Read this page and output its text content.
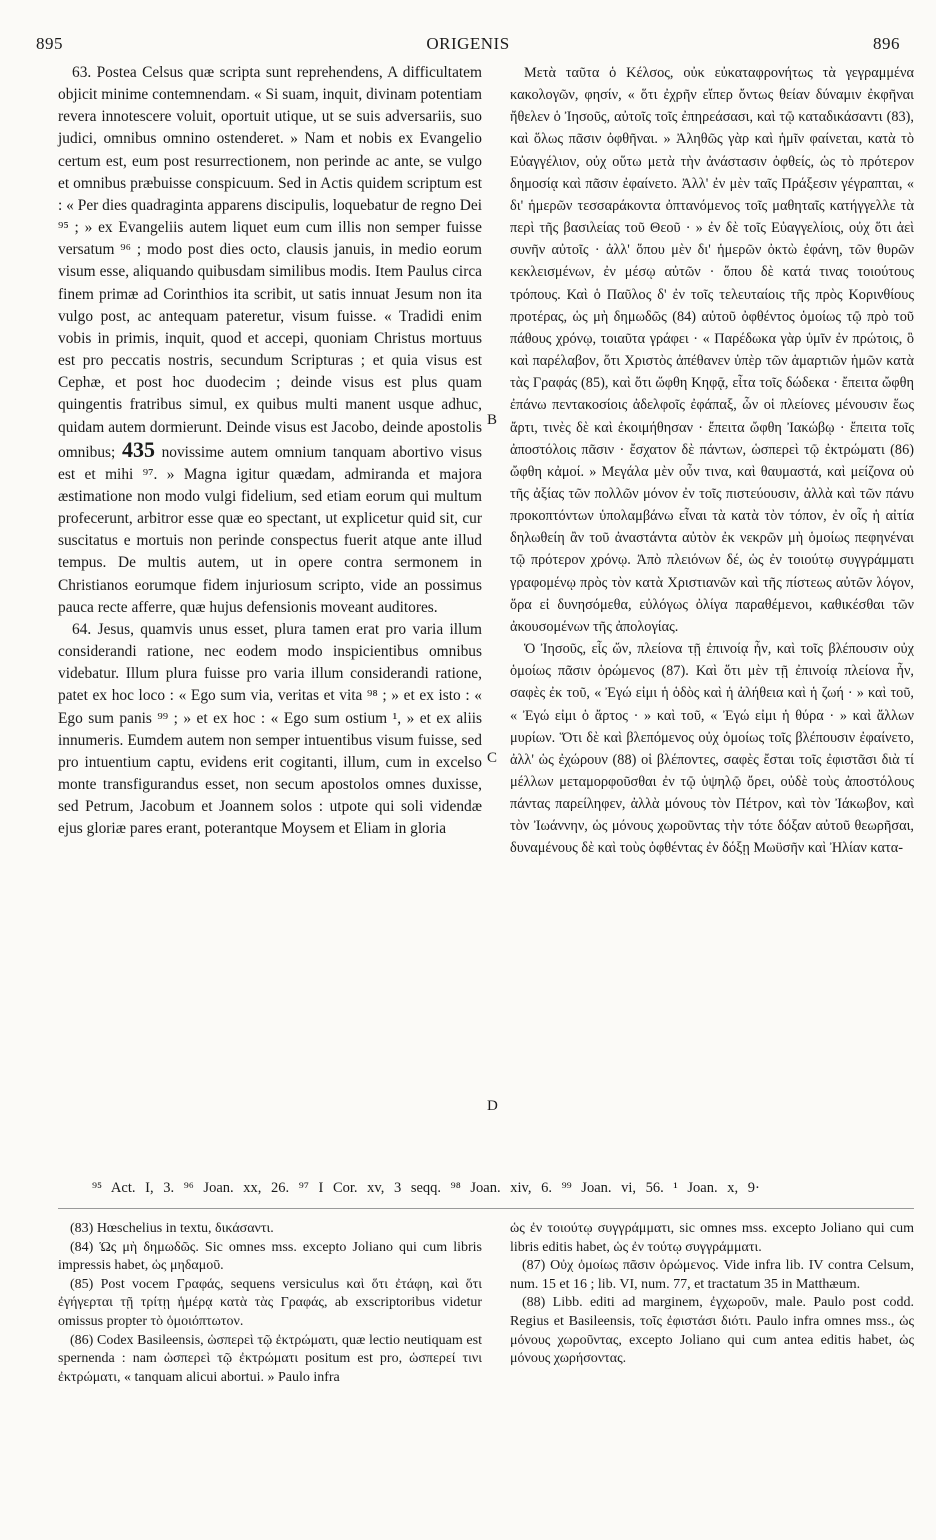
895	ORIGENIS	896

63. Postea Celsus quæ scripta sunt reprehendens, A difficultatem objicit minime contemnendam. « Si suam, inquit, divinam potentiam revera innotescere voluit, oportuit utique, ut se suis adversariis, suo judici, omnibus omnino ostenderet. » Nam et nobis ex Evangelio certum est, eum post resurrectionem, non perinde ac ante, se vulgo et omnibus præbuisse conspicuum. Sed in Actis quidem scriptum est : « Per dies quadraginta apparens discipulis, loquebatur de regno Dei ⁹⁵ ; » ex Evangeliis autem liquet eum cum illis non semper fuisse versatum ⁹⁶ ; modo post dies octo, clausis januis, in medio eorum visum esse, aliquando quibusdam similibus modis. Item Paulus circa finem primæ ad Corinthios ita scribit, ut satis innuat Jesum non ita vulgo post, ac antequam pateretur, visum fuisse. « Tradidi enim vobis in primis, inquit, quod et accepi, quoniam Christus mortuus est pro peccatis nostris, secundum Scripturas ; et quia visus est Cephæ, et post hoc duodecim ; deinde visus est plus quam quingentis fratribus simul, ex quibus multi manent usque adhuc, quidam autem dormierunt. Deinde visus est Jacobo, deinde apostolis omnibus; 435 novissime autem omnium tanquam abortivo visus est et mihi ⁹⁷. » Magna igitur quædam, admiranda et majora æstimatione non modo vulgi fidelium, sed etiam eorum qui multum profecerunt, arbitror esse quæ eo spectant, ut explicetur quid sit, cur suscitatus e mortuis non perinde conspectus fuerit atque ante illud tempus. De multis autem, ut in opere contra sermonem in Christianos eorumque fidem injuriosum scripto, vide an possimus pauca recte afferre, quæ hujus defensionis moveant auditores.

64. Jesus, quamvis unus esset, plura tamen erat pro varia illum considerandi ratione, nec eodem modo inspicientibus omnibus videbatur. Illum plura fuisse pro varia illum considerandi ratione, patet ex hoc loco : « Ego sum via, veritas et vita ⁹⁸ ; » et ex isto : « Ego sum panis ⁹⁹ ; » et ex hoc : « Ego sum ostium ¹, » et ex aliis innumeris. Eumdem autem non semper intuentibus visum fuisse, sed pro intuentium captu, evidens erit cogitanti, illum, cum in excelso monte transfigurandus esset, non secum apostolos omnes duxisse, sed Petrum, Jacobum et Joannem solos : utpote qui soli videndæ ejus gloriæ pares erant, poterantque Moysem et Eliam in gloria

B
C
D

Μετὰ ταῦτα ὁ Κέλσος, οὐκ εὐκαταφρονήτως τὰ γεγραμμένα κακολογῶν, φησίν, « ὅτι ἐχρῆν εἴπερ ὄντως θείαν δύναμιν ἐκφῆναι ἤθελεν ὁ Ἰησοῦς, αὐτοῖς τοῖς ἐπηρεάσασι, καὶ τῷ καταδικάσαντι (83), καὶ ὅλως πᾶσιν ὀφθῆναι. » Ἀληθῶς γὰρ καὶ ἡμῖν φαίνεται, κατὰ τὸ Εὐαγγέλιον, οὐχ οὕτω μετὰ τὴν ἀνάστασιν ὀφθείς, ὡς τὸ πρότερον δημοσίᾳ καὶ πᾶσιν ἐφαίνετο. Ἀλλ' ἐν μὲν ταῖς Πράξεσιν γέγραπται, « δι' ἡμερῶν τεσσαράκοντα ὀπτανόμενος τοῖς μαθηταῖς κατήγγελλε τὰ περὶ τῆς βασιλείας τοῦ Θεοῦ · » ἐν δὲ τοῖς Εὐαγγελίοις, οὐχ ὅτι ἀεὶ συνῆν αὐτοῖς · ἀλλ' ὅπου μὲν δι' ἡμερῶν ὀκτὼ ἐφάνη, τῶν θυρῶν κεκλεισμένων, ἐν μέσῳ αὐτῶν · ὅπου δὲ κατά τινας τοιούτους τρόπους. Καὶ ὁ Παῦλος δ' ἐν τοῖς τελευταίοις τῆς πρὸς Κορινθίους προτέρας, ὡς μὴ δημωδῶς (84) αὐτοῦ ὀφθέντος ὁμοίως τῷ πρὸ τοῦ πάθους χρόνῳ, τοιαῦτα γράφει · « Παρέδωκα γὰρ ὑμῖν ἐν πρώτοις, ὃ καὶ παρέλαβον, ὅτι Χριστὸς ἀπέθανεν ὑπὲρ τῶν ἁμαρτιῶν ἡμῶν κατὰ τὰς Γραφάς (85), καὶ ὅτι ὤφθη Κηφᾷ, εἶτα τοῖς δώδεκα · ἔπειτα ὤφθη ἐπάνω πεντακοσίοις ἀδελφοῖς ἐφάπαξ, ὧν οἱ πλείονες μένουσιν ἕως ἄρτι, τινὲς δὲ καὶ ἐκοιμήθησαν · ἔπειτα ὤφθη Ἰακώβῳ · ἔπειτα τοῖς ἀποστόλοις πᾶσιν · ἔσχατον δὲ πάντων, ὡσπερεὶ τῷ ἐκτρώματι (86) ὤφθη κἀμοί. » Μεγάλα μὲν οὖν τινα, καὶ θαυμαστά, καὶ μείζονα οὐ τῆς ἀξίας τῶν πολλῶν μόνον ἐν τοῖς πιστεύουσιν, ἀλλὰ καὶ τῶν πάνυ προκοπτόντων ὑπολαμβάνω εἶναι τὰ κατὰ τὸν τόπον, ἐν οἷς ἡ αἰτία δηλωθείη ἂν τοῦ ἀναστάντα αὐτὸν ἐκ νεκρῶν μὴ ὁμοίως πεφηνέναι τῷ πρότερον χρόνῳ. Ἀπὸ πλειόνων δέ, ὡς ἐν τοιούτῳ συγγράμματι γραφομένῳ πρὸς τὸν κατὰ Χριστιανῶν καὶ τῆς πίστεως αὐτῶν λόγον, ὅρα εἰ δυνησόμεθα, εὐλόγως ὀλίγα παραθέμενοι, καθικέσθαι τῶν ἀκουσομένων τῆς ἀπολογίας.

Ὁ Ἰησοῦς, εἷς ὤν, πλείονα τῇ ἐπινοίᾳ ἦν, καὶ τοῖς βλέπουσιν οὐχ ὁμοίως πᾶσιν ὁρώμενος (87). Καὶ ὅτι μὲν τῇ ἐπινοίᾳ πλείονα ἦν, σαφὲς ἐκ τοῦ, « Ἐγώ εἰμι ἡ ὁδὸς καὶ ἡ ἀλήθεια καὶ ἡ ζωή · » καὶ τοῦ, « Ἐγώ εἰμι ὁ ἄρτος · » καὶ τοῦ, « Ἐγώ εἰμι ἡ θύρα · » καὶ ἄλλων μυρίων. Ὅτι δὲ καὶ βλεπόμενος οὐχ ὁμοίως τοῖς βλέπουσιν ἐφαίνετο, ἀλλ' ὡς ἐχώρουν (88) οἱ βλέποντες, σαφὲς ἔσται τοῖς ἐφιστᾶσι διὰ τί μέλλων μεταμορφοῦσθαι ἐν τῷ ὑψηλῷ ὄρει, οὐδὲ τοὺς ἀποστόλους πάντας παρείληφεν, ἀλλὰ μόνους τὸν Πέτρον, καὶ τὸν Ἰάκωβον, καὶ τὸν Ἰωάννην, ὡς μόνους χωροῦντας τὴν τότε δόξαν αὐτοῦ θεωρῆσαι, δυναμένους δὲ καὶ τοὺς ὀφθέντας ἐν δόξῃ Μωϋσῆν καὶ Ἠλίαν κατα-

⁹⁵ Act. I, 3. ⁹⁶ Joan. xx, 26. ⁹⁷ I Cor. xv, 3 seqq. ⁹⁸ Joan. xiv, 6. ⁹⁹ Joan. vi, 56. ¹ Joan. x, 9·

(83) Hœschelius in textu, δικάσαντι.

(84) Ὡς μὴ δημωδῶς. Sic omnes mss. excepto Joliano qui cum libris impressis habet, ὡς μηδαμοῦ.

(85) Post vocem Γραφάς, sequens versiculus καὶ ὅτι ἐτάφη, καὶ ὅτι ἐγήγερται τῇ τρίτῃ ἡμέρᾳ κατὰ τὰς Γραφάς, ab exscriptoribus videtur omissus propter τὸ ὁμοιόπτωτον.

(86) Codex Basileensis, ὡσπερεὶ τῷ ἐκτρώματι, quæ lectio neutiquam est spernenda : nam ὡσπερεὶ τῷ ἐκτρώματι positum est pro, ὡσπερεί τινι ἐκτρώματι, « tanquam alicui abortui. » Paulo infra

ὡς ἐν τοιούτῳ συγγράμματι, sic omnes mss. excepto Joliano qui cum libris editis habet, ὡς ἐν τούτῳ συγγράμματι.

(87) Οὐχ ὁμοίως πᾶσιν ὁρώμενος. Vide infra lib. IV contra Celsum, num. 15 et 16 ; lib. VI, num. 77, et tractatum 35 in Matthæum.

(88) Libb. editi ad marginem, ἐγχωροῦν, male. Paulo post codd. Regius et Basileensis, τοῖς ἐφιστάσι διότι. Paulo infra omnes mss., ὡς μόνους χωροῦντας, excepto Joliano qui cum antea editis habet, ὡς μόνους χωρήσοντας.
